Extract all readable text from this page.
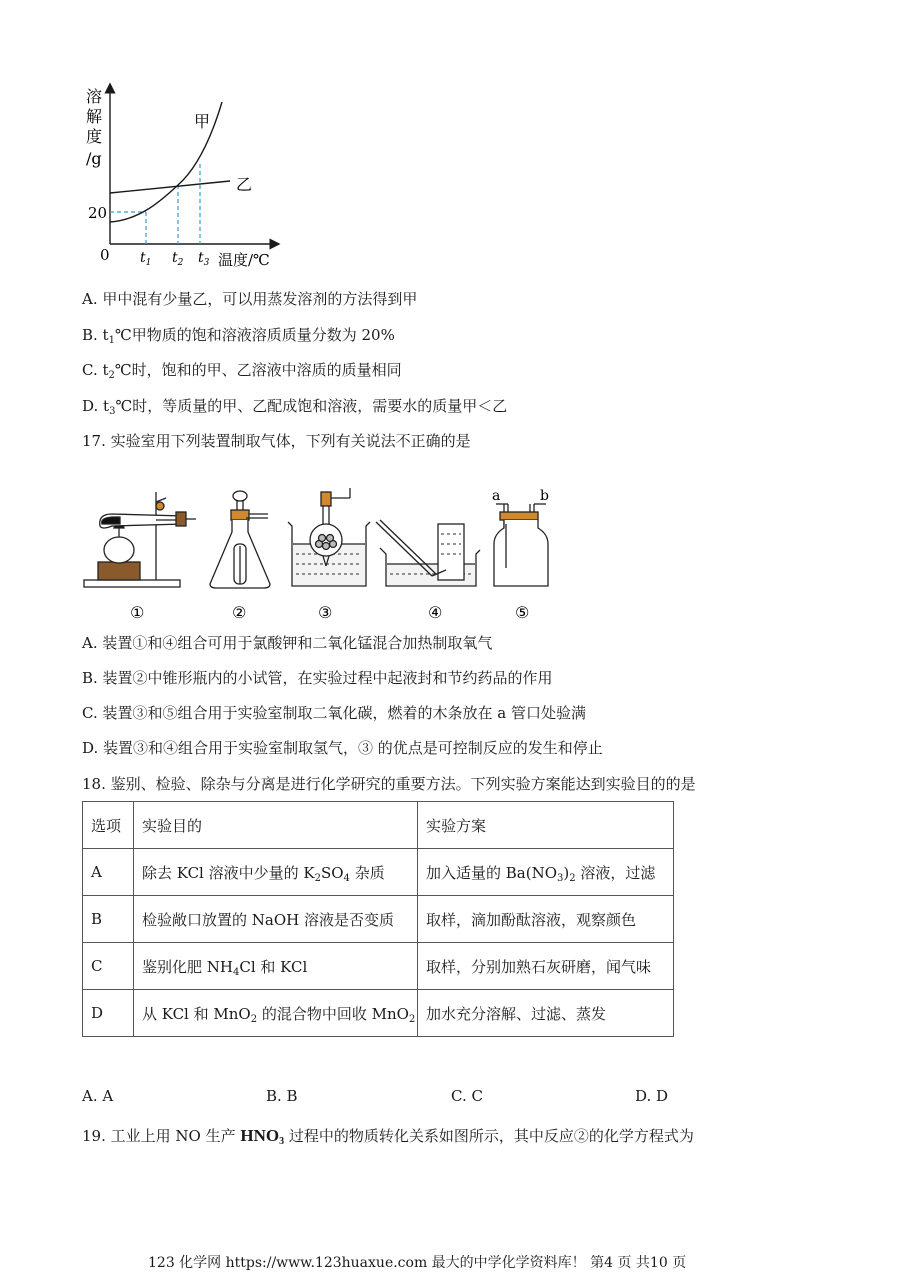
溶
解
度
/g
20
0 $t_1$ $t_2$ $t_3$ 温度/℃
甲
乙
A. 甲中混有少量乙，可以用蒸发溶剂的方法得到甲
B. $t_1℃$甲物质的饱和溶液溶质质量分数为 20%
C. $t_2℃$时，饱和的甲、乙溶液中溶质的质量相同
D. $t_3℃$时，等质量的甲、乙配成饱和溶液，需要水的质量甲＜乙
17. 实验室用下列装置制取气体，下列有关说法不正确的是
a	b
①	②	③	④	⑤
A. 装置①和④组合可用于氯酸钾和二氧化锰混合加热制取氧气
B. 装置②中锥形瓶内的小试管，在实验过程中起液封和节约药品的作用
C. 装置③和⑤组合用于实验室制取二氧化碳，燃着的木条放在 a 管口处验满
D. 装置③和④组合用于实验室制取氢气，③ 的优点是可控制反应的发生和停止
18. 鉴别、检验、除杂与分离是进行化学研究的重要方法。下列实验方案能达到实验目的的是
选项	实验目的	实验方案
A	除去 KCl 溶液中少量的 $K_2SO_4$ 杂质	加入适量的 $Ba(NO_3)_2$ 溶液，过滤
B	检验敞口放置的 NaOH 溶液是否变质	取样，滴加酚酞溶液，观察颜色
C	鉴别化肥 $NH_4Cl$ 和 KCl	取样，分别加熟石灰研磨，闻气味
D	从 KCl 和 MnO$_2$ 的混合物中回收 MnO$_2$	加水充分溶解、过滤、蒸发
A. A	B. B	C. C	D. D
19. 工业上用 NO 生产 $HNO_3$ 过程中的物质转化关系如图所示，其中反应②的化学方程式为
123 化学网 https://www.123huaxue.com 最大的中学化学资料库！ 第4 页 共10 页
